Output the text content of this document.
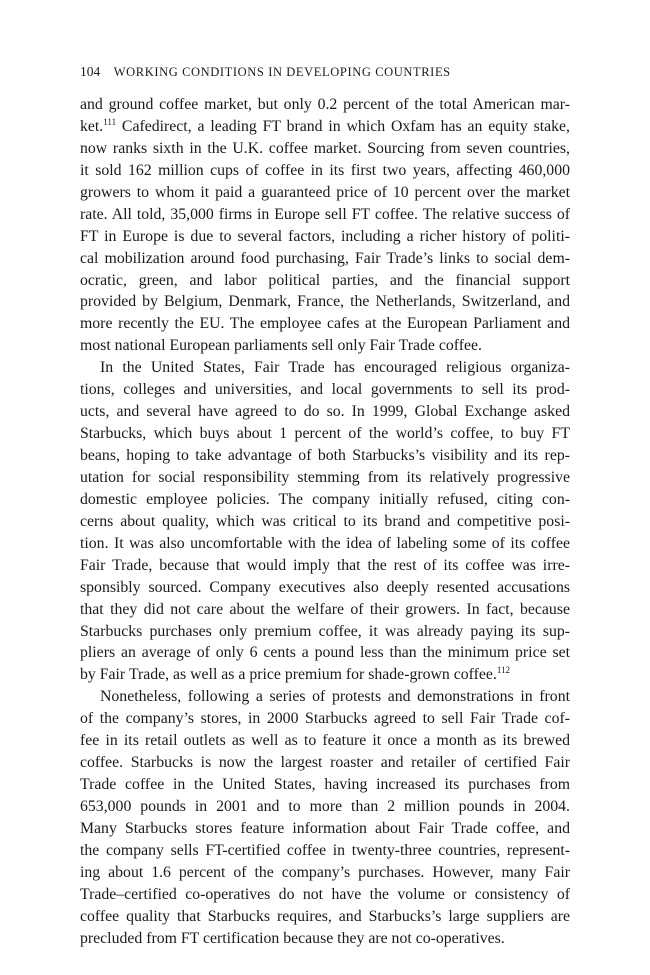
104 WORKING CONDITIONS IN DEVELOPING COUNTRIES
and ground coffee market, but only 0.2 percent of the total American mar-
ket.$^{111}$ Cafedirect, a leading FT brand in which Oxfam has an equity stake,
now ranks sixth in the U.K. coffee market. Sourcing from seven countries,
it sold 162 million cups of coffee in its first two years, affecting 460,000
growers to whom it paid a guaranteed price of 10 percent over the market
rate. All told, 35,000 firms in Europe sell FT coffee. The relative success of
FT in Europe is due to several factors, including a richer history of politi-
cal mobilization around food purchasing, Fair Trade’s links to social dem-
ocratic, green, and labor political parties, and the financial support
provided by Belgium, Denmark, France, the Netherlands, Switzerland, and
more recently the EU. The employee cafes at the European Parliament and
most national European parliaments sell only Fair Trade coffee.
In the United States, Fair Trade has encouraged religious organiza-
tions, colleges and universities, and local governments to sell its prod-
ucts, and several have agreed to do so. In 1999, Global Exchange asked
Starbucks, which buys about 1 percent of the world’s coffee, to buy FT
beans, hoping to take advantage of both Starbucks’s visibility and its rep-
utation for social responsibility stemming from its relatively progressive
domestic employee policies. The company initially refused, citing con-
cerns about quality, which was critical to its brand and competitive posi-
tion. It was also uncomfortable with the idea of labeling some of its coffee
Fair Trade, because that would imply that the rest of its coffee was irre-
sponsibly sourced. Company executives also deeply resented accusations
that they did not care about the welfare of their growers. In fact, because
Starbucks purchases only premium coffee, it was already paying its sup-
pliers an average of only 6 cents a pound less than the minimum price set
by Fair Trade, as well as a price premium for shade-grown coffee.$^{112}$
Nonetheless, following a series of protests and demonstrations in front
of the company’s stores, in 2000 Starbucks agreed to sell Fair Trade cof-
fee in its retail outlets as well as to feature it once a month as its brewed
coffee. Starbucks is now the largest roaster and retailer of certified Fair
Trade coffee in the United States, having increased its purchases from
653,000 pounds in 2001 and to more than 2 million pounds in 2004.
Many Starbucks stores feature information about Fair Trade coffee, and
the company sells FT-certified coffee in twenty-three countries, represent-
ing about 1.6 percent of the company’s purchases. However, many Fair
Trade–certified co-operatives do not have the volume or consistency of
coffee quality that Starbucks requires, and Starbucks’s large suppliers are
precluded from FT certification because they are not co-operatives.
